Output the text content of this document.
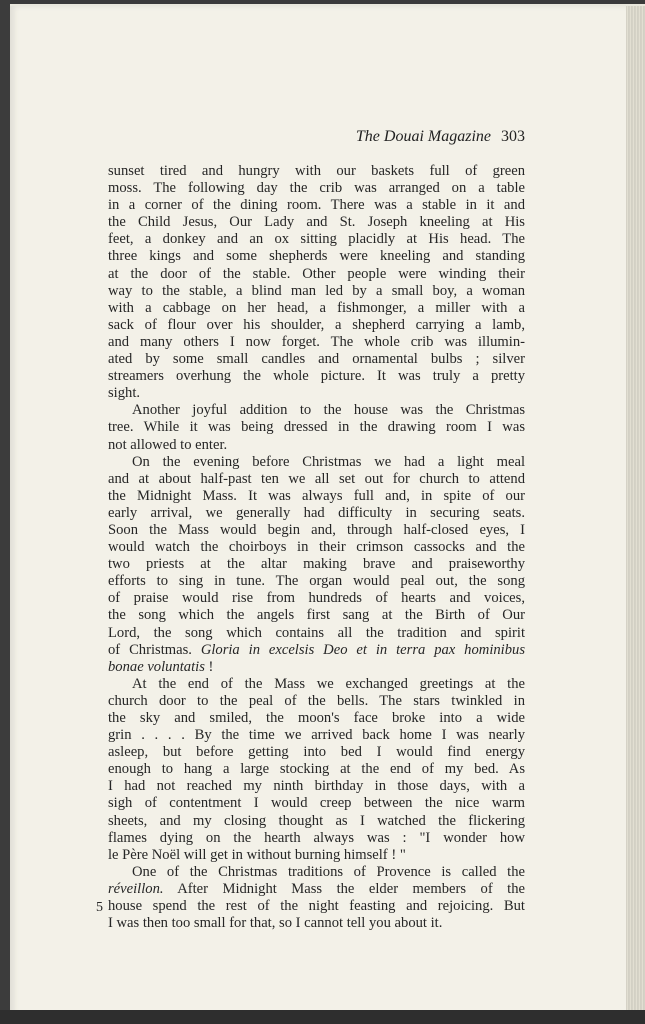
The Douai Magazine 303
sunset tired and hungry with our baskets full of green
moss. The following day the crib was arranged on a table
in a corner of the dining room. There was a stable in it and
the Child Jesus, Our Lady and St. Joseph kneeling at His
feet, a donkey and an ox sitting placidly at His head. The
three kings and some shepherds were kneeling and standing
at the door of the stable. Other people were winding their
way to the stable, a blind man led by a small boy, a woman
with a cabbage on her head, a fishmonger, a miller with a
sack of flour over his shoulder, a shepherd carrying a lamb,
and many others I now forget. The whole crib was illumin-
ated by some small candles and ornamental bulbs ; silver
streamers overhung the whole picture. It was truly a pretty
sight.
Another joyful addition to the house was the Christmas
tree. While it was being dressed in the drawing room I was
not allowed to enter.
On the evening before Christmas we had a light meal
and at about half-past ten we all set out for church to attend
the Midnight Mass. It was always full and, in spite of our
early arrival, we generally had difficulty in securing seats.
Soon the Mass would begin and, through half-closed eyes, I
would watch the choirboys in their crimson cassocks and the
two priests at the altar making brave and praiseworthy
efforts to sing in tune. The organ would peal out, the song
of praise would rise from hundreds of hearts and voices,
the song which the angels first sang at the Birth of Our
Lord, the song which contains all the tradition and spirit
of Christmas. Gloria in excelsis Deo et in terra pax hominibus
bonae voluntatis !
At the end of the Mass we exchanged greetings at the
church door to the peal of the bells. The stars twinkled in
the sky and smiled, the moon's face broke into a wide
grin . . . . By the time we arrived back home I was nearly
asleep, but before getting into bed I would find energy
enough to hang a large stocking at the end of my bed. As
I had not reached my ninth birthday in those days, with a
sigh of contentment I would creep between the nice warm
sheets, and my closing thought as I watched the flickering
flames dying on the hearth always was : "I wonder how
le Père Noël will get in without burning himself ! "
One of the Christmas traditions of Provence is called the
réveillon. After Midnight Mass the elder members of the
house spend the rest of the night feasting and rejoicing. But
I was then too small for that, so I cannot tell you about it.
5
